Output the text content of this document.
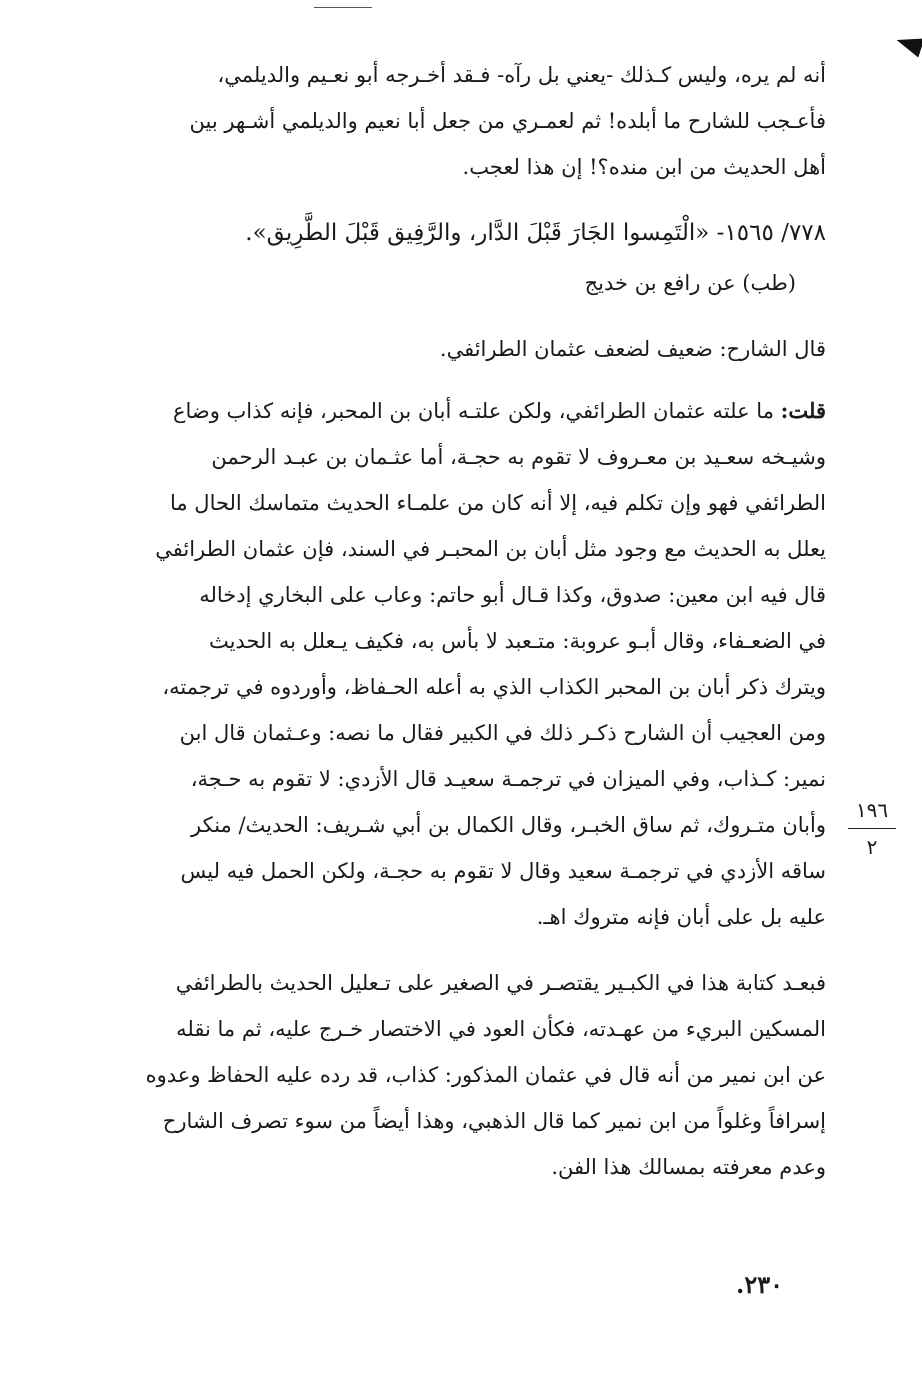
أنه لم يره، وليس كـذلك -يعني بل رآه- فـقد أخـرجه أبو نعـيم والديلمي،
فأعـجب للشارح ما أبلده! ثم لعمـري من جعل أبا نعيم والديلمي أشـهر بين
أهل الحديث من ابن منده؟! إن هذا لعجب.
٧٧٨/ ١٥٦٥- «الْتَمِسوا الجَارَ قَبْلَ الدَّار، والرَّفِيق قَبْلَ الطَّرِيق».
(طب) عن رافع بن خديج
قال الشارح: ضعيف لضعف عثمان الطرائفي.
قلت: ما علته عثمان الطرائفي، ولكن علتـه أبان بن المحبر، فإنه كذاب وضاع
وشيـخه سعـيد بن معـروف لا تقوم به حجـة، أما عثـمان بن عبـد الرحمن
الطرائفي فهو وإن تكلم فيه، إلا أنه كان من علمـاء الحديث متماسك الحال ما
يعلل به الحديث مع وجود مثل أبان بن المحبـر في السند، فإن عثمان الطرائفي
قال فيه ابن معين: صدوق، وكذا قـال أبو حاتم: وعاب على البخاري إدخاله
في الضعـفاء، وقال أبـو عروبة: متـعبد لا بأس به، فكيف يـعلل به الحديث
ويترك ذكر أبان بن المحبر الكذاب الذي به أعله الحـفاظ، وأوردوه في ترجمته،
ومن العجيب أن الشارح ذكـر ذلك في الكبير فقال ما نصه: وعـثمان قال ابن
نمير: كـذاب، وفي الميزان في ترجمـة سعيـد قال الأزدي: لا تقوم به حـجة،
وأبان متـروك، ثم ساق الخبـر، وقال الكمال بن أبي شـريف: الحديث/ منكر
ساقه الأزدي في ترجمـة سعيد وقال لا تقوم به حجـة، ولكن الحمل فيه ليس
عليه بل على أبان فإنه متروك اهـ.
فبعـد كتابة هذا في الكبـير يقتصـر في الصغير على تـعليل الحديث بالطرائفي
المسكين البريء من عهـدته، فكأن العود في الاختصار خـرج عليه، ثم ما نقله
عن ابن نمير من أنه قال في عثمان المذكور: كذاب، قد رده عليه الحفاظ وعدوه
إسرافاً وغلواً من ابن نمير كما قال الذهبي، وهذا أيضاً من سوء تصرف الشارح
وعدم معرفته بمسالك هذا الفن.
١٩٦
٢
٢٣٠.
